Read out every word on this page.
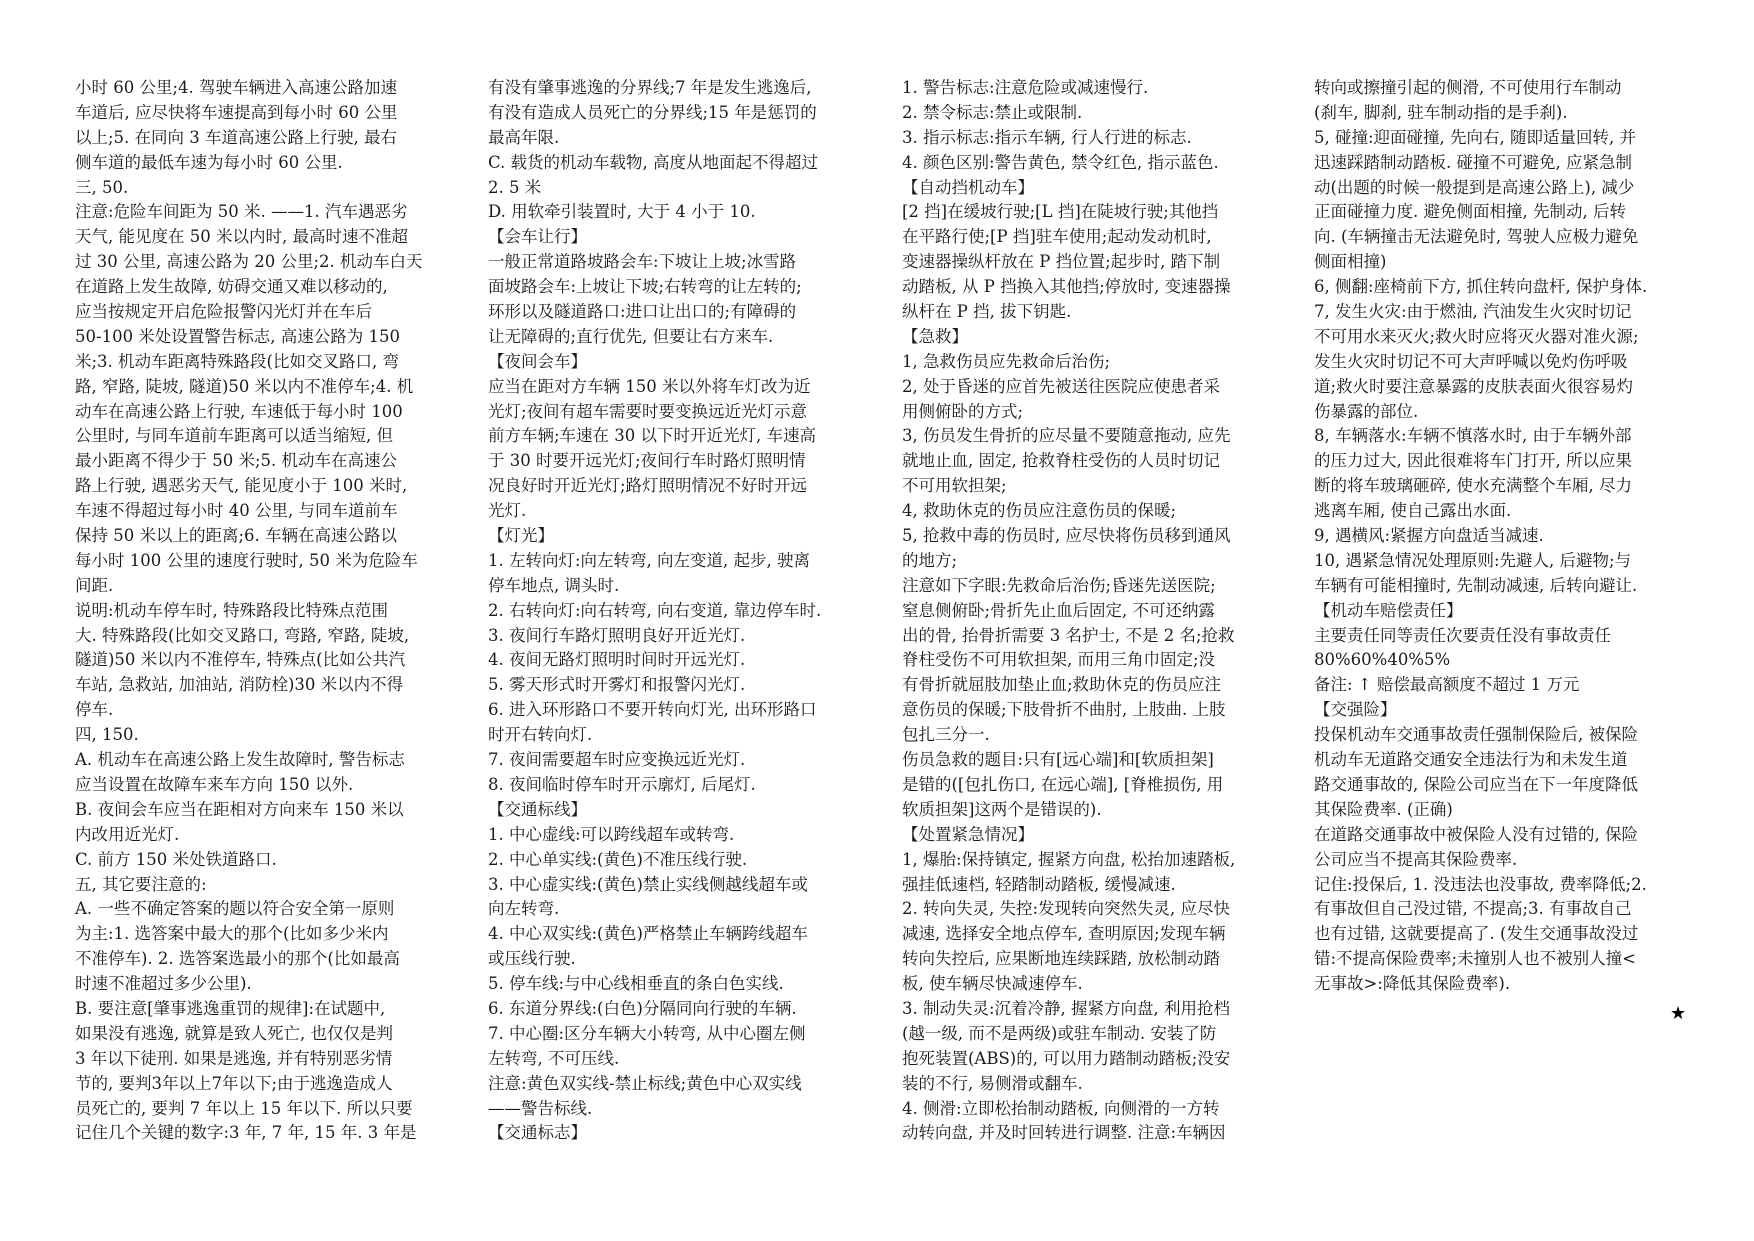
小时 60 公里;4. 驾驶车辆进入高速公路加速
车道后, 应尽快将车速提高到每小时 60 公里
以上;5. 在同向 3 车道高速公路上行驶, 最右
侧车道的最低车速为每小时 60 公里.
三, 50.
注意:危险车间距为 50 米. ——1. 汽车遇恶劣
天气, 能见度在 50 米以内时, 最高时速不准超
过 30 公里, 高速公路为 20 公里;2. 机动车白天
在道路上发生故障, 妨碍交通又难以移动的,
应当按规定开启危险报警闪光灯并在车后
50-100 米处设置警告标志, 高速公路为 150
米;3. 机动车距离特殊路段(比如交叉路口, 弯
路, 窄路, 陡坡, 隧道)50 米以内不准停车;4. 机
动车在高速公路上行驶, 车速低于每小时 100
公里时, 与同车道前车距离可以适当缩短, 但
最小距离不得少于 50 米;5. 机动车在高速公
路上行驶, 遇恶劣天气, 能见度小于 100 米时,
车速不得超过每小时 40 公里, 与同车道前车
保持 50 米以上的距离;6. 车辆在高速公路以
每小时 100 公里的速度行驶时, 50 米为危险车
间距.
说明:机动车停车时, 特殊路段比特殊点范围
大. 特殊路段(比如交叉路口, 弯路, 窄路, 陡坡,
隧道)50 米以内不准停车, 特殊点(比如公共汽
车站, 急救站, 加油站, 消防栓)30 米以内不得
停车.
四, 150.
A. 机动车在高速公路上发生故障时, 警告标志
应当设置在故障车来车方向 150 以外.
B. 夜间会车应当在距相对方向来车 150 米以
内改用近光灯.
C. 前方 150 米处铁道路口.
五, 其它要注意的:
A. 一些不确定答案的题以符合安全第一原则
为主:1. 选答案中最大的那个(比如多少米内
不准停车). 2. 选答案选最小的那个(比如最高
时速不准超过多少公里).
B. 要注意[肇事逃逸重罚的规律]:在试题中,
如果没有逃逸, 就算是致人死亡, 也仅仅是判
3 年以下徒刑. 如果是逃逸, 并有特别恶劣情
节的, 要判3年以上7年以下;由于逃逸造成人
员死亡的, 要判 7 年以上 15 年以下. 所以只要
记住几个关键的数字:3 年, 7 年, 15 年. 3 年是
有没有肇事逃逸的分界线;7 年是发生逃逸后,
有没有造成人员死亡的分界线;15 年是惩罚的
最高年限.
C. 载货的机动车载物, 高度从地面起不得超过
2. 5 米
D. 用软牵引装置时, 大于 4 小于 10.
【会车让行】
一般正常道路坡路会车:下坡让上坡;冰雪路
面坡路会车:上坡让下坡;右转弯的让左转的;
环形以及隧道路口:进口让出口的;有障碍的
让无障碍的;直行优先, 但要让右方来车.
【夜间会车】
应当在距对方车辆 150 米以外将车灯改为近
光灯;夜间有超车需要时要变换远近光灯示意
前方车辆;车速在 30 以下时开近光灯, 车速高
于 30 时要开远光灯;夜间行车时路灯照明情
况良好时开近光灯;路灯照明情况不好时开远
光灯.
【灯光】
1. 左转向灯:向左转弯, 向左变道, 起步, 驶离
停车地点, 调头时.
2. 右转向灯:向右转弯, 向右变道, 靠边停车时.
3. 夜间行车路灯照明良好开近光灯.
4. 夜间无路灯照明时间时开远光灯.
5. 雾天形式时开雾灯和报警闪光灯.
6. 进入环形路口不要开转向灯光, 出环形路口
时开右转向灯.
7. 夜间需要超车时应变换远近光灯.
8. 夜间临时停车时开示廓灯, 后尾灯.
【交通标线】
1. 中心虚线:可以跨线超车或转弯.
2. 中心单实线:(黄色)不准压线行驶.
3. 中心虚实线:(黄色)禁止实线侧越线超车或
向左转弯.
4. 中心双实线:(黄色)严格禁止车辆跨线超车
或压线行驶.
5. 停车线:与中心线相垂直的条白色实线.
6. 东道分界线:(白色)分隔同向行驶的车辆.
7. 中心圈:区分车辆大小转弯, 从中心圈左侧
左转弯, 不可压线.
注意:黄色双实线-禁止标线;黄色中心双实线
——警告标线.
【交通标志】
1. 警告标志:注意危险或减速慢行.
2. 禁令标志:禁止或限制.
3. 指示标志:指示车辆, 行人行进的标志.
4. 颜色区别:警告黄色, 禁令红色, 指示蓝色.
【自动挡机动车】
[2 挡]在缓坡行驶;[L 挡]在陡坡行驶;其他挡
在平路行使;[P 挡]驻车使用;起动发动机时,
变速器操纵杆放在 P 挡位置;起步时, 踏下制
动踏板, 从 P 挡换入其他挡;停放时, 变速器操
纵杆在 P 挡, 拔下钥匙.
【急救】
1, 急救伤员应先救命后治伤;
2, 处于昏迷的应首先被送往医院应使患者采
用侧俯卧的方式;
3, 伤员发生骨折的应尽量不要随意拖动, 应先
就地止血, 固定, 抢救脊柱受伤的人员时切记
不可用软担架;
4, 救助休克的伤员应注意伤员的保暖;
5, 抢救中毒的伤员时, 应尽快将伤员移到通风
的地方;
注意如下字眼:先救命后治伤;昏迷先送医院;
窒息侧俯卧;骨折先止血后固定, 不可还纳露
出的骨, 抬骨折需要 3 名护士, 不是 2 名;抢救
脊柱受伤不可用软担架, 而用三角巾固定;没
有骨折就屈肢加垫止血;救助休克的伤员应注
意伤员的保暖;下肢骨折不曲肘, 上肢曲. 上肢
包扎三分一.
伤员急救的题目:只有[远心端]和[软质担架]
是错的([包扎伤口, 在远心端], [脊椎损伤, 用
软质担架]这两个是错误的).
【处置紧急情况】
1, 爆胎:保持镇定, 握紧方向盘, 松抬加速踏板,
强挂低速档, 轻踏制动踏板, 缓慢减速.
2. 转向失灵, 失控:发现转向突然失灵, 应尽快
减速, 选择安全地点停车, 查明原因;发现车辆
转向失控后, 应果断地连续踩踏, 放松制动踏
板, 使车辆尽快减速停车.
3. 制动失灵:沉着冷静, 握紧方向盘, 利用抢档
(越一级, 而不是两级)或驻车制动. 安装了防
抱死装置(ABS)的, 可以用力踏制动踏板;没安
装的不行, 易侧滑或翻车.
4. 侧滑:立即松抬制动踏板, 向侧滑的一方转
动转向盘, 并及时回转进行调整. 注意:车辆因
转向或擦撞引起的侧滑, 不可使用行车制动
(刹车, 脚刹, 驻车制动指的是手刹).
5, 碰撞:迎面碰撞, 先向右, 随即适量回转, 并
迅速踩踏制动踏板. 碰撞不可避免, 应紧急制
动(出题的时候一般提到是高速公路上), 减少
正面碰撞力度. 避免侧面相撞, 先制动, 后转
向. (车辆撞击无法避免时, 驾驶人应极力避免
侧面相撞)
6, 侧翻:座椅前下方, 抓住转向盘杆, 保护身体.
7, 发生火灾:由于燃油, 汽油发生火灾时切记
不可用水来灭火;救火时应将灭火器对准火源;
发生火灾时切记不可大声呼喊以免灼伤呼吸
道;救火时要注意暴露的皮肤表面火很容易灼
伤暴露的部位.
8, 车辆落水:车辆不慎落水时, 由于车辆外部
的压力过大, 因此很难将车门打开, 所以应果
断的将车玻璃砸碎, 使水充满整个车厢, 尽力
逃离车厢, 使自己露出水面.
9, 遇横风:紧握方向盘适当减速.
10, 遇紧急情况处理原则:先避人, 后避物;与
车辆有可能相撞时, 先制动减速, 后转向避让.
【机动车赔偿责任】
主要责任同等责任次要责任没有事故责任
80%60%40%5%
备注: ↑ 赔偿最高额度不超过 1 万元
【交强险】
投保机动车交通事故责任强制保险后, 被保险
机动车无道路交通安全违法行为和未发生道
路交通事故的, 保险公司应当在下一年度降低
其保险费率. (正确)
在道路交通事故中被保险人没有过错的, 保险
公司应当不提高其保险费率.
记住:投保后, 1. 没违法也没事故, 费率降低;2.
有事故但自己没过错, 不提高;3. 有事故自己
也有过错, 这就要提高了. (发生交通事故没过
错:不提高保险费率;未撞别人也不被别人撞<
无事故>:降低其保险费率).
★
